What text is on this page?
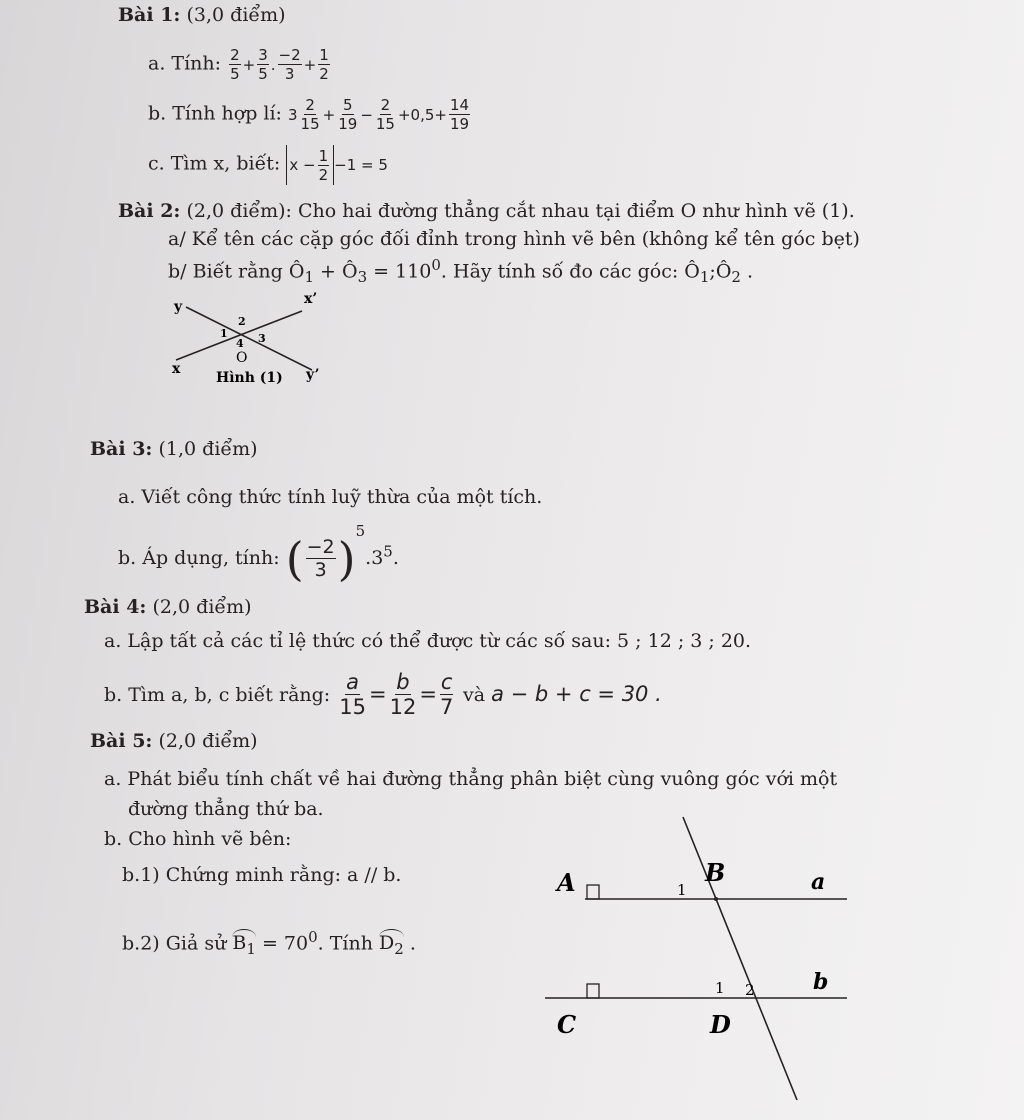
Bài 1: (3,0 điểm)
a. Tính: $\frac{2}{5} + \frac{3}{5}$ . $\frac{-2}{3} + \frac{1}{2}$
b. Tính hợp lí: $3 \frac{2}{15} + \frac{5}{19} - \frac{2}{15} +0,5+ \frac{14}{19}$
c. Tìm x, biết: $x - \frac{1}{2} -1 = 5$
Bài 2: (2,0 điểm): Cho hai đường thẳng cắt nhau tại điểm O như hình vẽ (1).
a/ Kể tên các cặp góc đối đỉnh trong hình vẽ bên (không kể tên góc bẹt)
b/ Biết rằng $Ô_1$ + $Ô_3 = 110^0$. Hãy tính số đo các góc: $Ô_1;Ô_2$ .
y	x’
x	y’
2
1	3
4
O
Hình (1)
Bài 3: (1,0 điểm)
a. Viết công thức tính luỹ thừa của một tích.
b. Áp dụng, tính: ( $\frac{-2}{3} )^5.3^5$.
Bài 4: (2,0 điểm)
a. Lập tất cả các tỉ lệ thức có thể được từ các số sau: 5 ; 12 ; 3 ; 20.
b. Tìm a, b, c biết rằng: $\frac{a}{15} = \frac{b}{12} = \frac{c}{7}$ và a − b + c = 30 .
Bài 5: (2,0 điểm)
a. Phát biểu tính chất về hai đường thẳng phân biệt cùng vuông góc với một
đường thẳng thứ ba.
b. Cho hình vẽ bên:
b.1) Chứng minh rằng: a // b.
b.2) Giả sử $B_1 = 70^0$. Tính $D_2$ .
A	B	a
b
C	D
1
1 2
